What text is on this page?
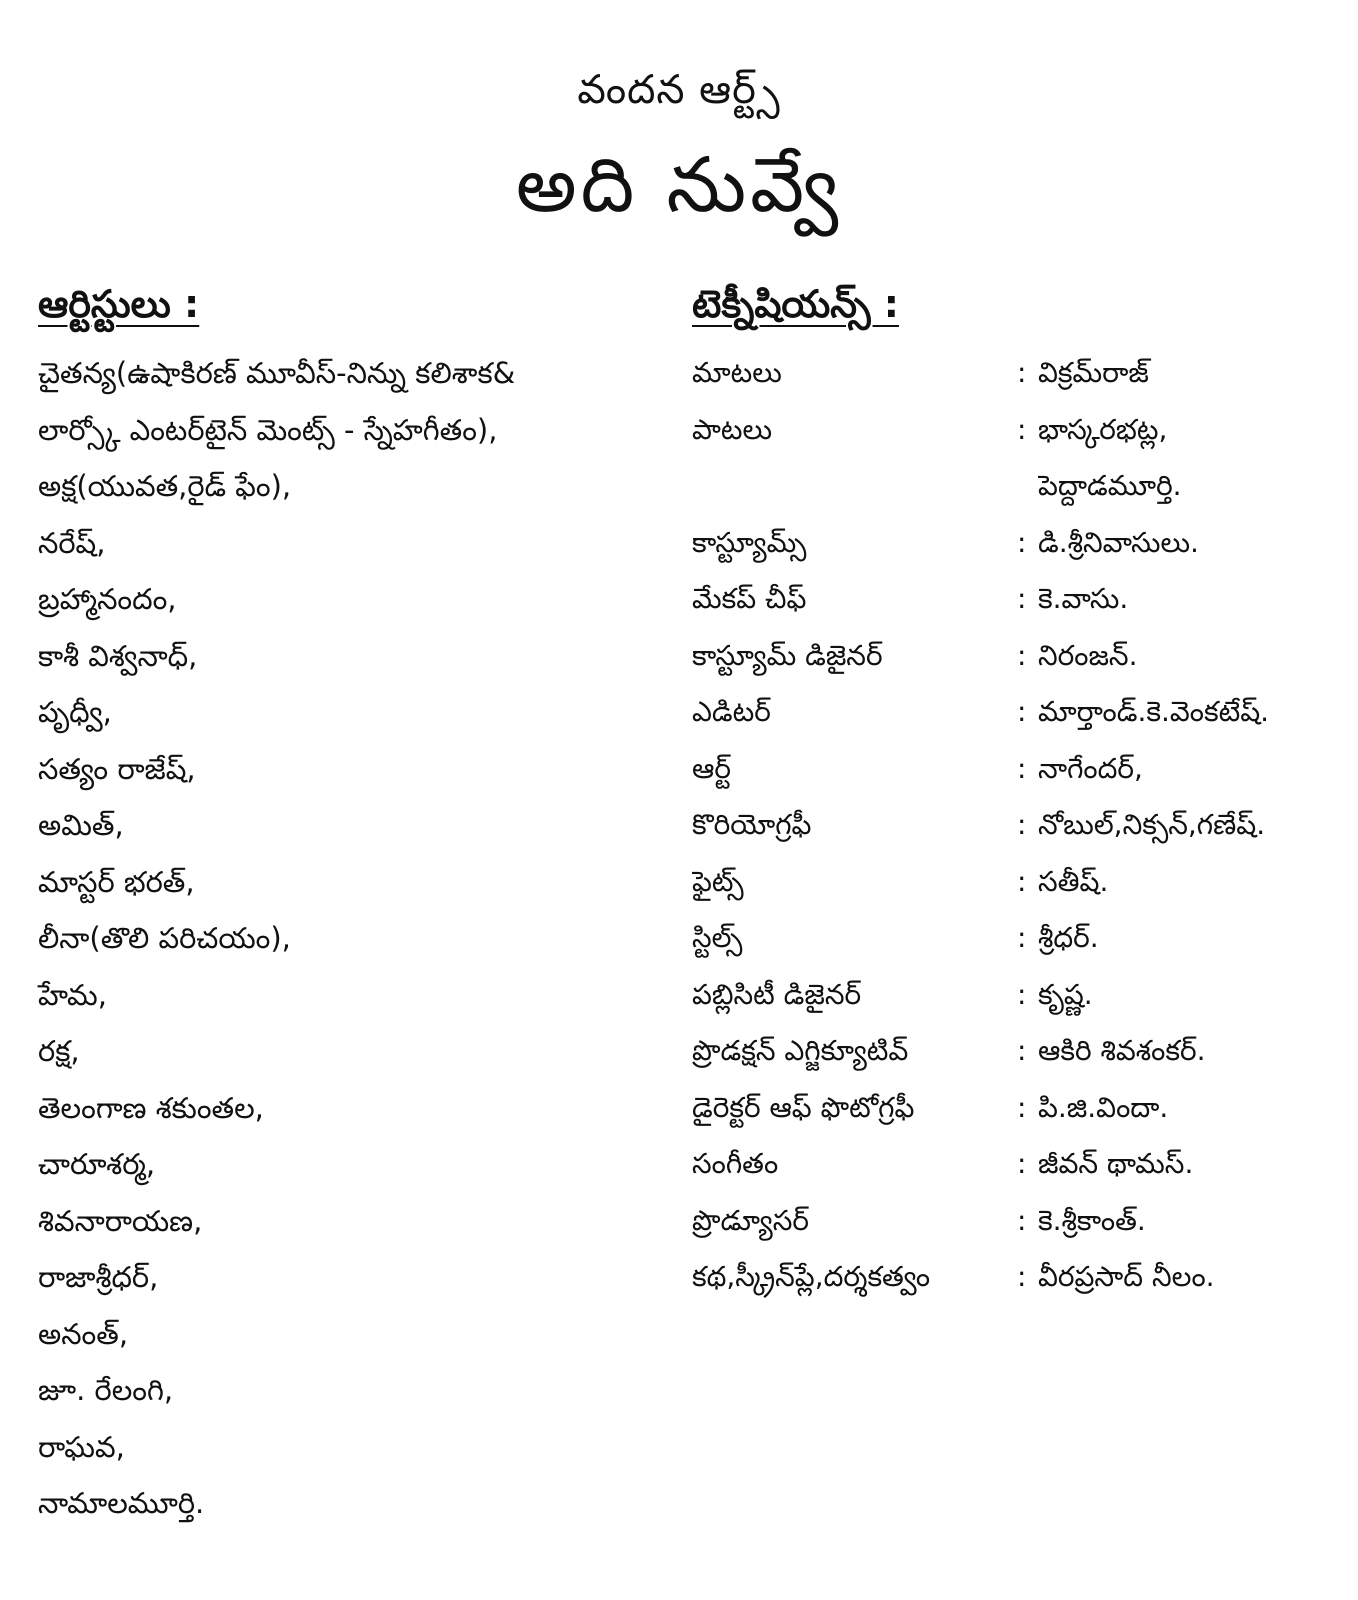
వందన ఆర్ట్స్
అది నువ్వే
ఆర్టిస్టులు :	టెక్నీషియన్స్ :
చైతన్య(ఉషాకిరణ్ మూవీస్-నిన్ను కలిశాక&
లార్స్కో ఎంటర్‌టైన్ మెంట్స్ - స్నేహగీతం),
అక్ష(యువత,రైడ్ ఫేం),
నరేష్,
బ్రహ్మానందం,
కాశీ విశ్వనాధ్,
పృధ్వీ,
సత్యం రాజేష్,
అమిత్,
మాస్టర్ భరత్,
లీనా(తొలి పరిచయం),
హేమ,
రక్ష,
తెలంగాణ శకుంతల,
చారూశర్మ,
శివనారాయణ,
రాజాశ్రీధర్,
అనంత్,
జూ. రేలంగి,
రాఘవ,
నామాలమూర్తి.
మాటలు	: విక్రమ్‌రాజ్
పాటలు	: భాస్కరభట్ల,
పెద్దాడమూర్తి.
కాస్ట్యూమ్స్	: డి.శ్రీనివాసులు.
మేకప్ చీఫ్	: కె.వాసు.
కాస్ట్యూమ్ డిజైనర్	: నిరంజన్.
ఎడిటర్	: మార్తాండ్.కె.వెంకటేష్.
ఆర్ట్	: నాగేందర్,
కొరియోగ్రఫీ	: నోబుల్,నిక్సన్,గణేష్.
ఫైట్స్	: సతీష్.
స్టిల్స్	: శ్రీధర్.
పబ్లిసిటీ డిజైనర్	: కృష్ణ.
ప్రొడక్షన్ ఎగ్జిక్యూటివ్	: ఆకిరి శివశంకర్.
డైరెక్టర్ ఆఫ్ ఫొటోగ్రఫీ	: పి.జి.విందా.
సంగీతం	: జీవన్ థామస్.
ప్రొడ్యూసర్	: కె.శ్రీకాంత్.
కథ,స్క్రీన్‌ప్లే,దర్శకత్వం	: వీరప్రసాద్ నీలం.
